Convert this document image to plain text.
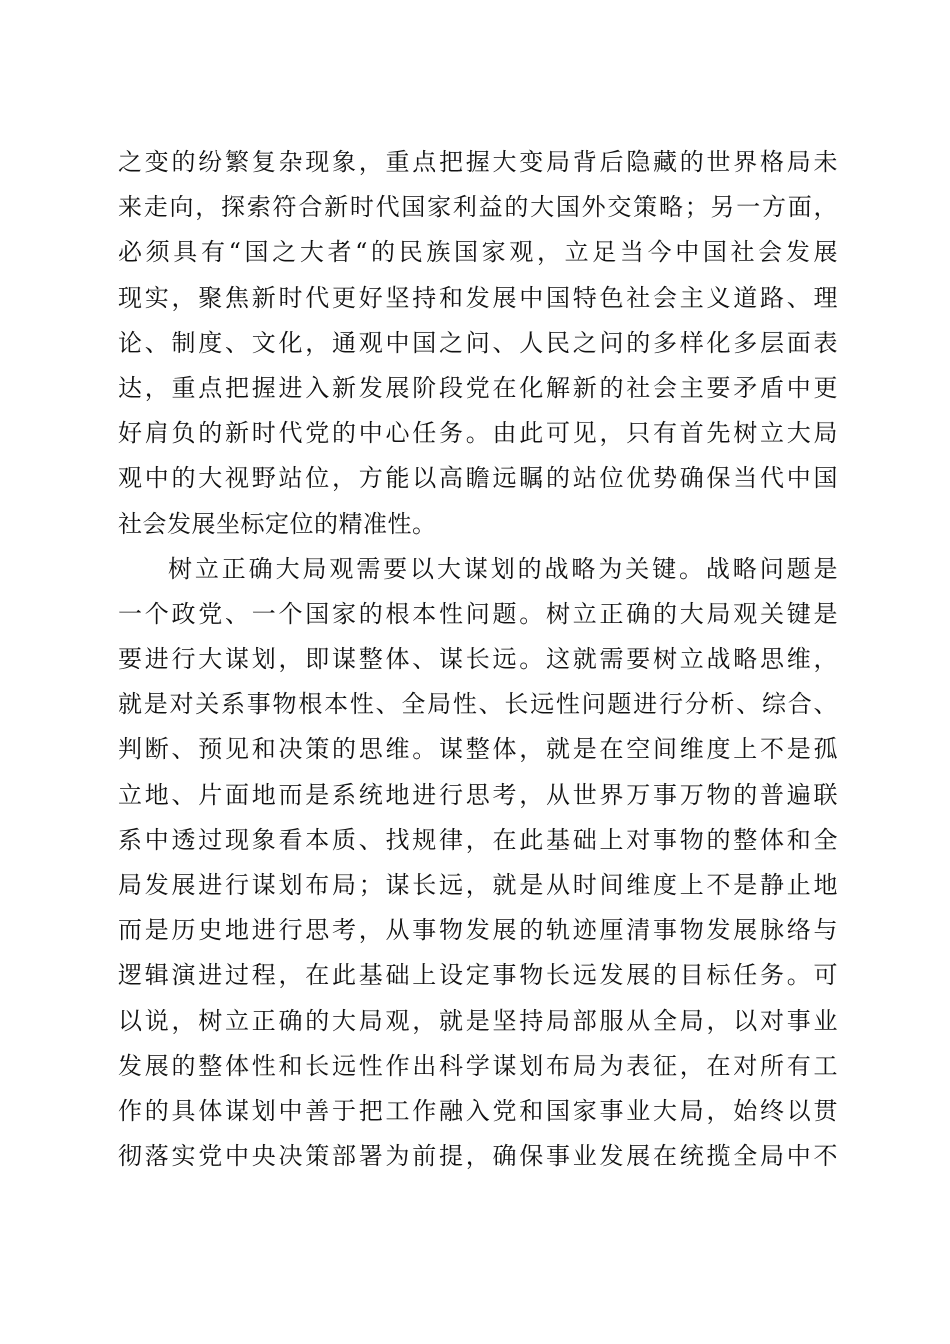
之变的纷繁复杂现象，重点把握大变局背后隐藏的世界格局未
来走向，探索符合新时代国家利益的大国外交策略；另一方面，
必须具有“国之大者“的民族国家观，立足当今中国社会发展
现实，聚焦新时代更好坚持和发展中国特色社会主义道路、理
论、制度、文化，通观中国之问、人民之问的多样化多层面表
达，重点把握进入新发展阶段党在化解新的社会主要矛盾中更
好肩负的新时代党的中心任务。由此可见，只有首先树立大局
观中的大视野站位，方能以高瞻远瞩的站位优势确保当代中国
社会发展坐标定位的精准性。
树立正确大局观需要以大谋划的战略为关键。战略问题是
一个政党、一个国家的根本性问题。树立正确的大局观关键是
要进行大谋划，即谋整体、谋长远。这就需要树立战略思维，
就是对关系事物根本性、全局性、长远性问题进行分析、综合、
判断、预见和决策的思维。谋整体，就是在空间维度上不是孤
立地、片面地而是系统地进行思考，从世界万事万物的普遍联
系中透过现象看本质、找规律，在此基础上对事物的整体和全
局发展进行谋划布局；谋长远，就是从时间维度上不是静止地
而是历史地进行思考，从事物发展的轨迹厘清事物发展脉络与
逻辑演进过程，在此基础上设定事物长远发展的目标任务。可
以说，树立正确的大局观，就是坚持局部服从全局，以对事业
发展的整体性和长远性作出科学谋划布局为表征，在对所有工
作的具体谋划中善于把工作融入党和国家事业大局，始终以贯
彻落实党中央决策部署为前提，确保事业发展在统揽全局中不
